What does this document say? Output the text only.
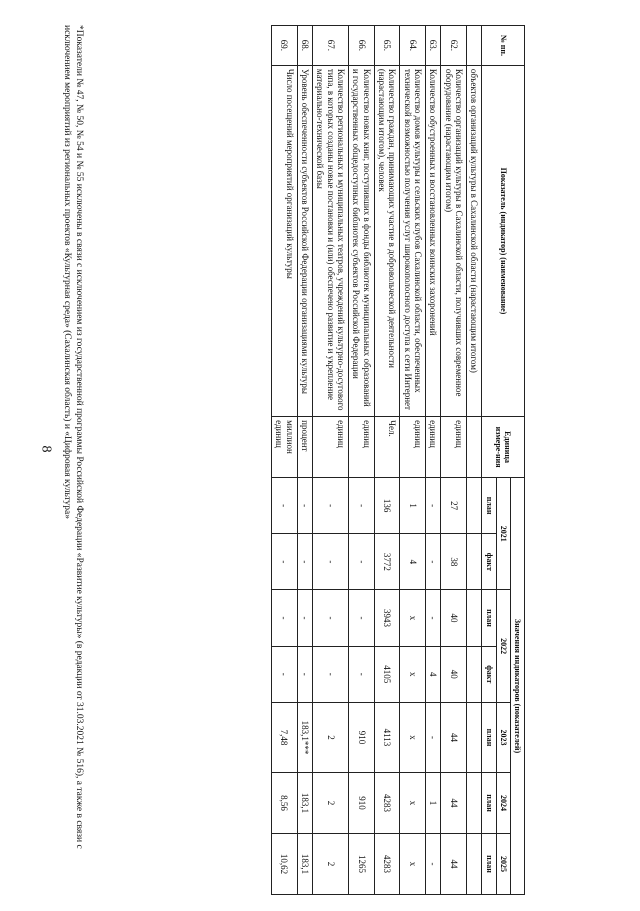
8
№ пп.	Показатель (индикатор) (наименование)	Единица измере-ния	Значения индикаторов (показателей)						
			2021		2022		2023	2024	2025
			план	факт	план	факт	план	план	план
	объектов организаций культуры в Сахалинской области (нарастающим итогом)								
62.	Количество организаций культуры в Сахалинской области, получивших современное оборудование (нарастающим итогом)	единиц	27	38	40	40	44	44	44
63.	Количество обустроенных и восстановленных воинских захоронений	единиц	-	-	-	4	-	1	-
64.	Количество домов культуры и сельских клубов Сахалинской области, обеспеченных технической возможностью получения услуг широкополосного доступа к сети Интернет	единиц	1	4	x	x	x	x	x
65.	Количество граждан, принимающих участие в добровольческой деятельности (нарастающим итогом), человек	Чел.	136	3772	3943	4105	4113	4283	4283
66.	Количество новых книг, поступивших в фонды библиотек муниципальных образований и государственных общедоступных библиотек субъектов Российской Федерации	единиц	-	-	-	-	910	910	1265
67.	Количество региональных и муниципальных театров, учреждений культурно-досугового типа, в которых созданы новые постановки и (или) обеспечено развитие и укрепление материально-технической базы	единиц	-	-	-	-	2	2	2
68.	Уровень обеспеченности субъектов Российской Федерации организациями культуры	процент	-	-	-	-	183,1***	183,1	183,1
69.	Число посещений мероприятий организаций культуры	миллион единиц	-	-	-	-	7,48	8,56	10,62
*Показатели № 47, № 50, № 54 и № 55 исключены в связи с исключением из государственной программы Российской Федерации «Развитие культуры» (в редакции от 31.03.2021 № 516), а также в связи с исключением мероприятий из региональных проектов «Культурная среда» (Сахалинская область) и «Цифровая культура»
